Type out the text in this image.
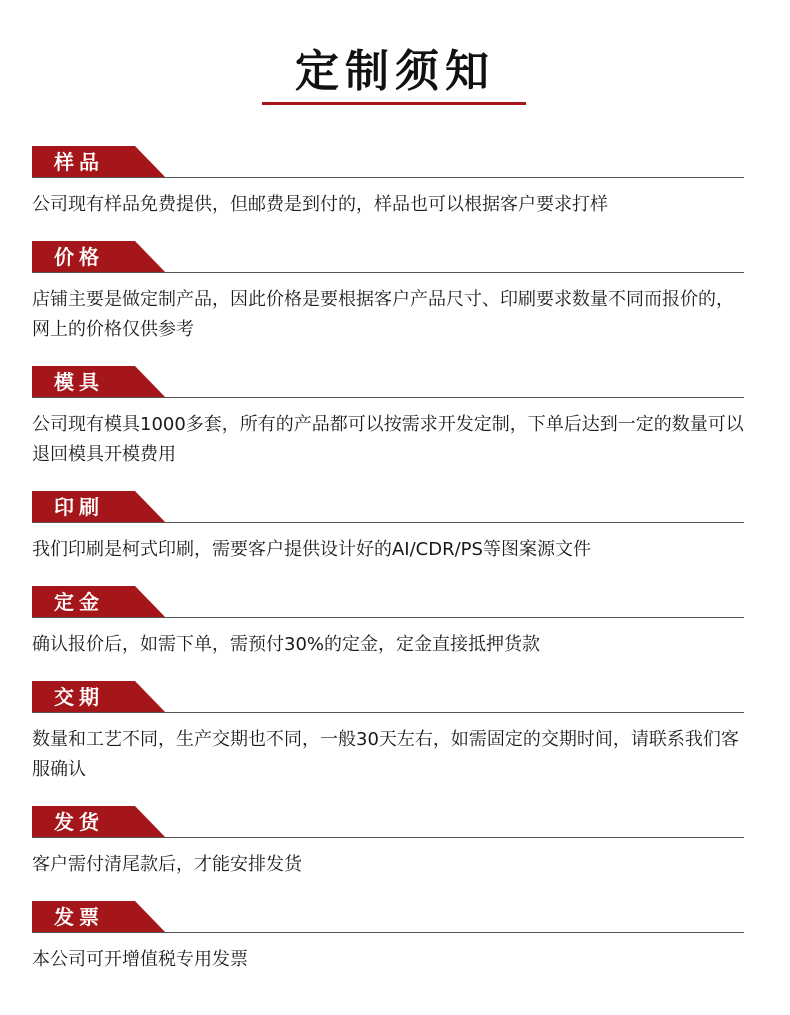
定制须知
样品
公司现有样品免费提供，但邮费是到付的，样品也可以根据客户要求打样
价格
店铺主要是做定制产品，因此价格是要根据客户产品尺寸、印刷要求数量不同而报价的，网上的价格仅供参考
模具
公司现有模具1000多套，所有的产品都可以按需求开发定制，下单后达到一定的数量可以退回模具开模费用
印刷
我们印刷是柯式印刷，需要客户提供设计好的AI/CDR/PS等图案源文件
定金
确认报价后，如需下单，需预付30%的定金，定金直接抵押货款
交期
数量和工艺不同，生产交期也不同，一般30天左右，如需固定的交期时间，请联系我们客服确认
发货
客户需付清尾款后，才能安排发货
发票
本公司可开增值税专用发票
